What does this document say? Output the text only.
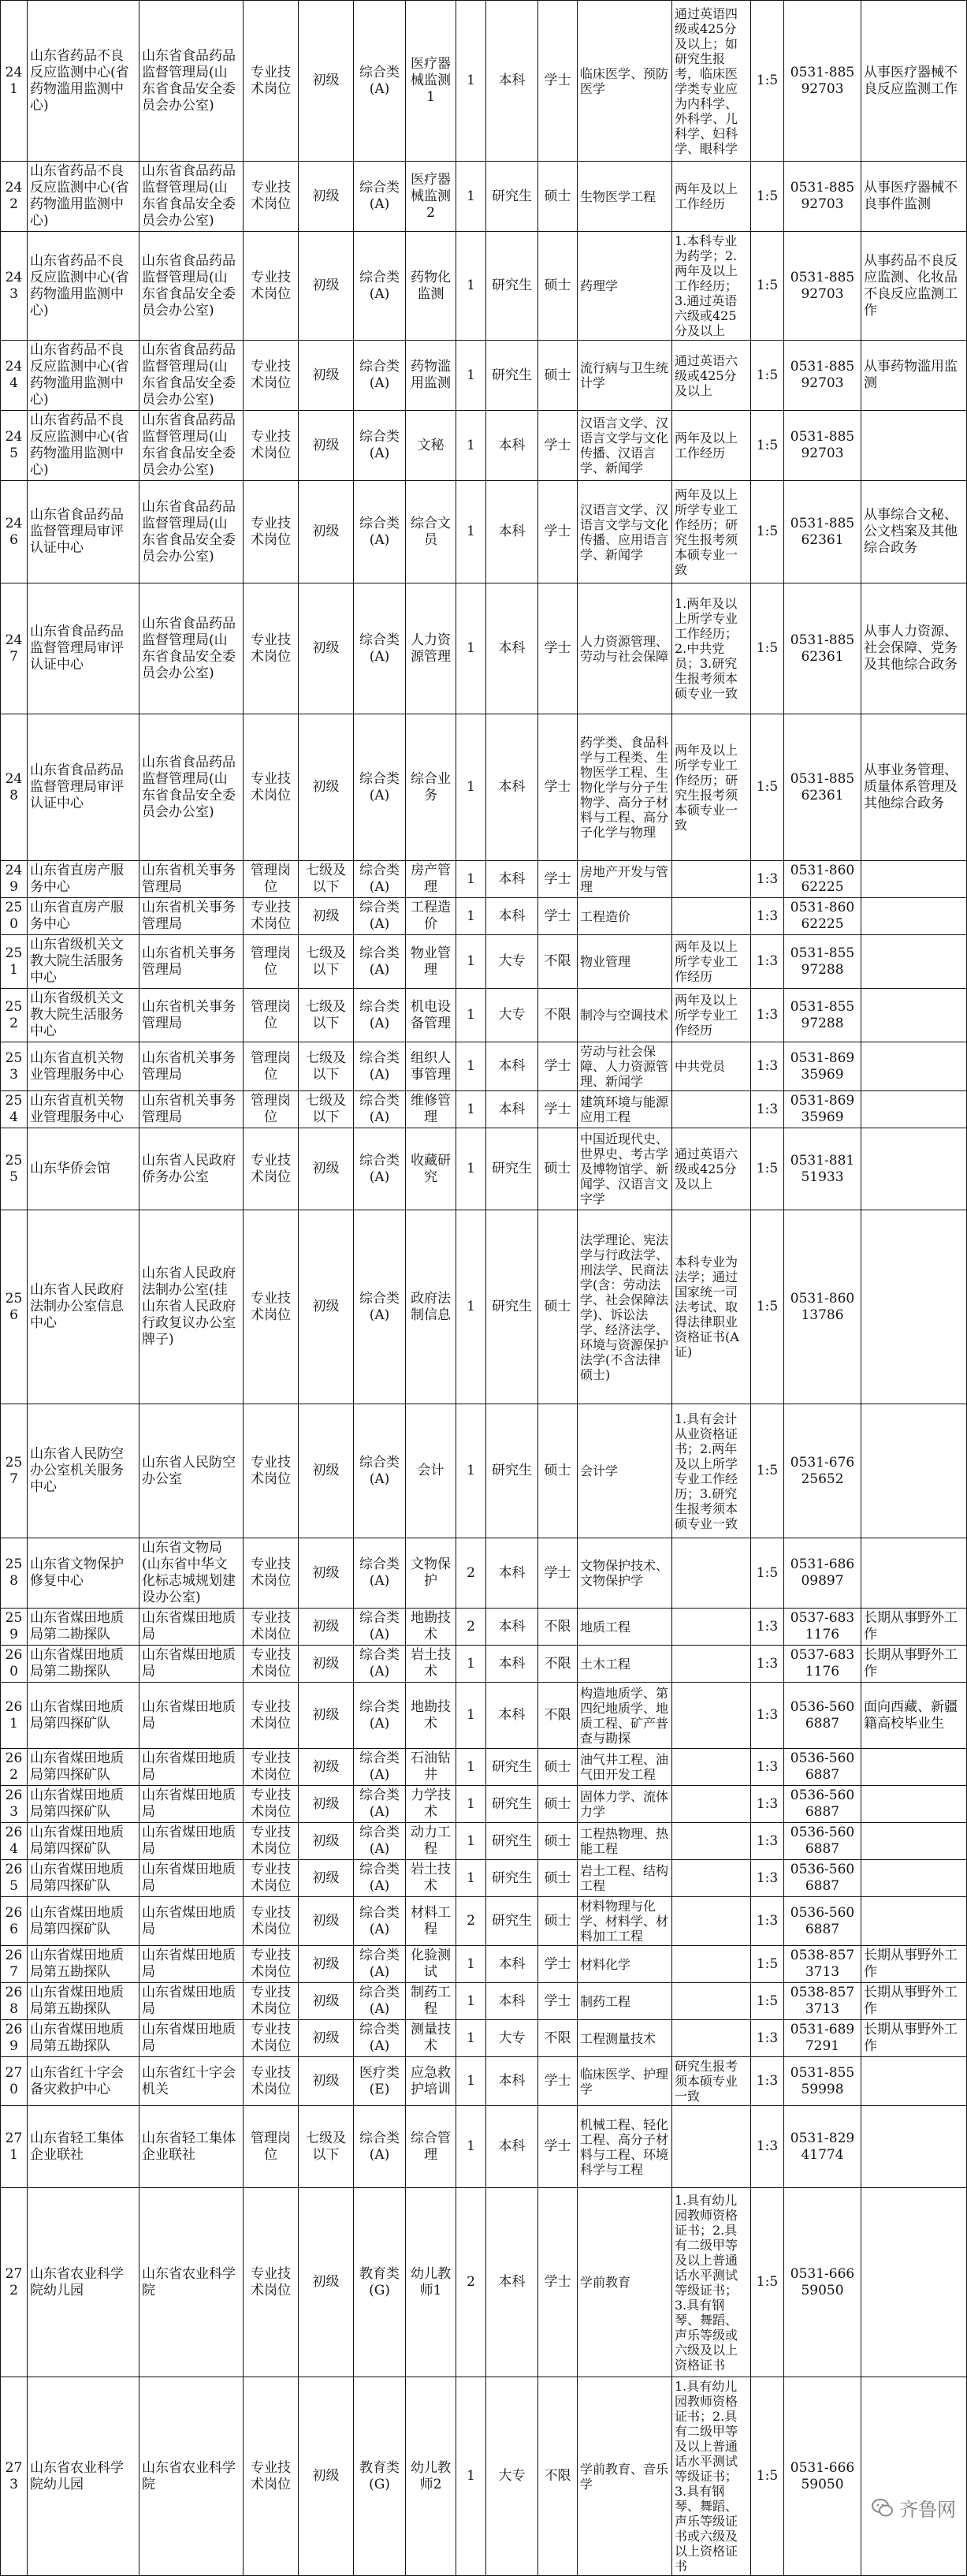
241	山东省药品不良反应监测中心(省药物滥用监测中心)	山东省食品药品监督管理局(山东省食品安全委员会办公室)	专业技术岗位	初级	综合类(A)	医疗器械监测1	1	本科	学士	临床医学、预防医学	通过英语四级或425分及以上；如研究生报考，临床医学类专业应为内科学、外科学、儿科学、妇科学、眼科学	1:5	0531-88592703	从事医疗器械不良反应监测工作
242	山东省药品不良反应监测中心(省药物滥用监测中心)	山东省食品药品监督管理局(山东省食品安全委员会办公室)	专业技术岗位	初级	综合类(A)	医疗器械监测2	1	研究生	硕士	生物医学工程	两年及以上工作经历	1:5	0531-88592703	从事医疗器械不良事件监测
243	山东省药品不良反应监测中心(省药物滥用监测中心)	山东省食品药品监督管理局(山东省食品安全委员会办公室)	专业技术岗位	初级	综合类(A)	药物化监测	1	研究生	硕士	药理学	1.本科专业为药学；2.两年及以上工作经历；3.通过英语六级或425分及以上	1:5	0531-88592703	从事药品不良反应监测、化妆品不良反应监测工作
244	山东省药品不良反应监测中心(省药物滥用监测中心)	山东省食品药品监督管理局(山东省食品安全委员会办公室)	专业技术岗位	初级	综合类(A)	药物滥用监测	1	研究生	硕士	流行病与卫生统计学	通过英语六级或425分及以上	1:5	0531-88592703	从事药物滥用监测
245	山东省药品不良反应监测中心(省药物滥用监测中心)	山东省食品药品监督管理局(山东省食品安全委员会办公室)	专业技术岗位	初级	综合类(A)	文秘	1	本科	学士	汉语言文学、汉语言文学与文化传播、汉语言学、新闻学	两年及以上工作经历	1:5	0531-88592703	
246	山东省食品药品监督管理局审评认证中心	山东省食品药品监督管理局(山东省食品安全委员会办公室)	专业技术岗位	初级	综合类(A)	综合文员	1	本科	学士	汉语言文学、汉语言文学与文化传播、应用语言学、新闻学	两年及以上所学专业工作经历；研究生报考须本硕专业一致	1:5	0531-88562361	从事综合文秘、公文档案及其他综合政务
247	山东省食品药品监督管理局审评认证中心	山东省食品药品监督管理局(山东省食品安全委员会办公室)	专业技术岗位	初级	综合类(A)	人力资源管理	1	本科	学士	人力资源管理、劳动与社会保障	1.两年及以上所学专业工作经历；2.中共党员；3.研究生报考须本硕专业一致	1:5	0531-88562361	从事人力资源、社会保障、党务及其他综合政务
248	山东省食品药品监督管理局审评认证中心	山东省食品药品监督管理局(山东省食品安全委员会办公室)	专业技术岗位	初级	综合类(A)	综合业务	1	本科	学士	药学类、食品科学与工程类、生物医学工程、生物化学与分子生物学、高分子材料与工程、高分子化学与物理	两年及以上所学专业工作经历；研究生报考须本硕专业一致	1:5	0531-88562361	从事业务管理、质量体系管理及其他综合政务
249	山东省直房产服务中心	山东省机关事务管理局	管理岗位	七级及以下	综合类(A)	房产管理	1	本科	学士	房地产开发与管理		1:3	0531-86062225	
250	山东省直房产服务中心	山东省机关事务管理局	专业技术岗位	初级	综合类(A)	工程造价	1	本科	学士	工程造价		1:3	0531-86062225	
251	山东省级机关文教大院生活服务中心	山东省机关事务管理局	管理岗位	七级及以下	综合类(A)	物业管理	1	大专	不限	物业管理	两年及以上所学专业工作经历	1:3	0531-85597288	
252	山东省级机关文教大院生活服务中心	山东省机关事务管理局	管理岗位	七级及以下	综合类(A)	机电设备管理	1	大专	不限	制冷与空调技术	两年及以上所学专业工作经历	1:3	0531-85597288	
253	山东省直机关物业管理服务中心	山东省机关事务管理局	管理岗位	七级及以下	综合类(A)	组织人事管理	1	本科	学士	劳动与社会保障、人力资源管理、新闻学	中共党员	1:3	0531-86935969	
254	山东省直机关物业管理服务中心	山东省机关事务管理局	管理岗位	七级及以下	综合类(A)	维修管理	1	本科	学士	建筑环境与能源应用工程		1:3	0531-86935969	
255	山东华侨会馆	山东省人民政府侨务办公室	专业技术岗位	初级	综合类(A)	收藏研究	1	研究生	硕士	中国近现代史、世界史、考古学及博物馆学、新闻学、汉语言文字学	通过英语六级或425分及以上	1:5	0531-88151933	
256	山东省人民政府法制办公室信息中心	山东省人民政府法制办公室(挂山东省人民政府行政复议办公室牌子)	专业技术岗位	初级	综合类(A)	政府法制信息	1	研究生	硕士	法学理论、宪法学与行政法学、刑法学、民商法学(含：劳动法学、社会保障法学)、诉讼法学、经济法学、环境与资源保护法学(不含法律硕士)	本科专业为法学；通过国家统一司法考试、取得法律职业资格证书(A证)	1:5	0531-86013786	
257	山东省人民防空办公室机关服务中心	山东省人民防空办公室	专业技术岗位	初级	综合类(A)	会计	1	研究生	硕士	会计学	1.具有会计从业资格证书；2.两年及以上所学专业工作经历；3.研究生报考须本硕专业一致	1:5	0531-67625652	
258	山东省文物保护修复中心	山东省文物局(山东省中华文化标志城规划建设办公室)	专业技术岗位	初级	综合类(A)	文物保护	2	本科	学士	文物保护技术、文物保护学		1:5	0531-68609897	
259	山东省煤田地质局第二勘探队	山东省煤田地质局	专业技术岗位	初级	综合类(A)	地勘技术	2	本科	不限	地质工程		1:3	0537-6831176	长期从事野外工作
260	山东省煤田地质局第二勘探队	山东省煤田地质局	专业技术岗位	初级	综合类(A)	岩土技术	1	本科	不限	土木工程		1:3	0537-6831176	长期从事野外工作
261	山东省煤田地质局第四探矿队	山东省煤田地质局	专业技术岗位	初级	综合类(A)	地勘技术	1	本科	不限	构造地质学、第四纪地质学、地质工程、矿产普查与勘探		1:3	0536-5606887	面向西藏、新疆籍高校毕业生
262	山东省煤田地质局第四探矿队	山东省煤田地质局	专业技术岗位	初级	综合类(A)	石油钻井	1	研究生	硕士	油气井工程、油气田开发工程		1:3	0536-5606887	
263	山东省煤田地质局第四探矿队	山东省煤田地质局	专业技术岗位	初级	综合类(A)	力学技术	1	研究生	硕士	固体力学、流体力学		1:3	0536-5606887	
264	山东省煤田地质局第四探矿队	山东省煤田地质局	专业技术岗位	初级	综合类(A)	动力工程	1	研究生	硕士	工程热物理、热能工程		1:3	0536-5606887	
265	山东省煤田地质局第四探矿队	山东省煤田地质局	专业技术岗位	初级	综合类(A)	岩土技术	1	研究生	硕士	岩土工程、结构工程		1:3	0536-5606887	
266	山东省煤田地质局第四探矿队	山东省煤田地质局	专业技术岗位	初级	综合类(A)	材料工程	2	研究生	硕士	材料物理与化学、材料学、材料加工工程		1:3	0536-5606887	
267	山东省煤田地质局第五勘探队	山东省煤田地质局	专业技术岗位	初级	综合类(A)	化验测试	1	本科	学士	材料化学		1:5	0538-8573713	长期从事野外工作
268	山东省煤田地质局第五勘探队	山东省煤田地质局	专业技术岗位	初级	综合类(A)	制药工程	1	本科	学士	制药工程		1:5	0538-8573713	长期从事野外工作
269	山东省煤田地质局第五勘探队	山东省煤田地质局	专业技术岗位	初级	综合类(A)	测量技术	1	大专	不限	工程测量技术		1:3	0531-6897291	长期从事野外工作
270	山东省红十字会备灾救护中心	山东省红十字会机关	专业技术岗位	初级	医疗类(E)	应急救护培训	1	本科	学士	临床医学、护理学	研究生报考须本硕专业一致	1:3	0531-85559998	
271	山东省轻工集体企业联社	山东省轻工集体企业联社	管理岗位	七级及以下	综合类(A)	综合管理	1	本科	学士	机械工程、轻化工程、高分子材料与工程、环境科学与工程		1:3	0531-82941774	
272	山东省农业科学院幼儿园	山东省农业科学院	专业技术岗位	初级	教育类(G)	幼儿教师1	2	本科	学士	学前教育	1.具有幼儿园教师资格证书；2.具有二级甲等及以上普通话水平测试等级证书；3.具有钢琴、舞蹈、声乐等级或六级及以上资格证书	1:5	0531-66659050	
273	山东省农业科学院幼儿园	山东省农业科学院	专业技术岗位	初级	教育类(G)	幼儿教师2	1	大专	不限	学前教育、音乐学	1.具有幼儿园教师资格证书；2.具有二级甲等及以上普通话水平测试等级证书；3.具有钢琴、舞蹈、声乐等级证书或六级及以上资格证书	1:5	0531-66659050	
齐鲁网
